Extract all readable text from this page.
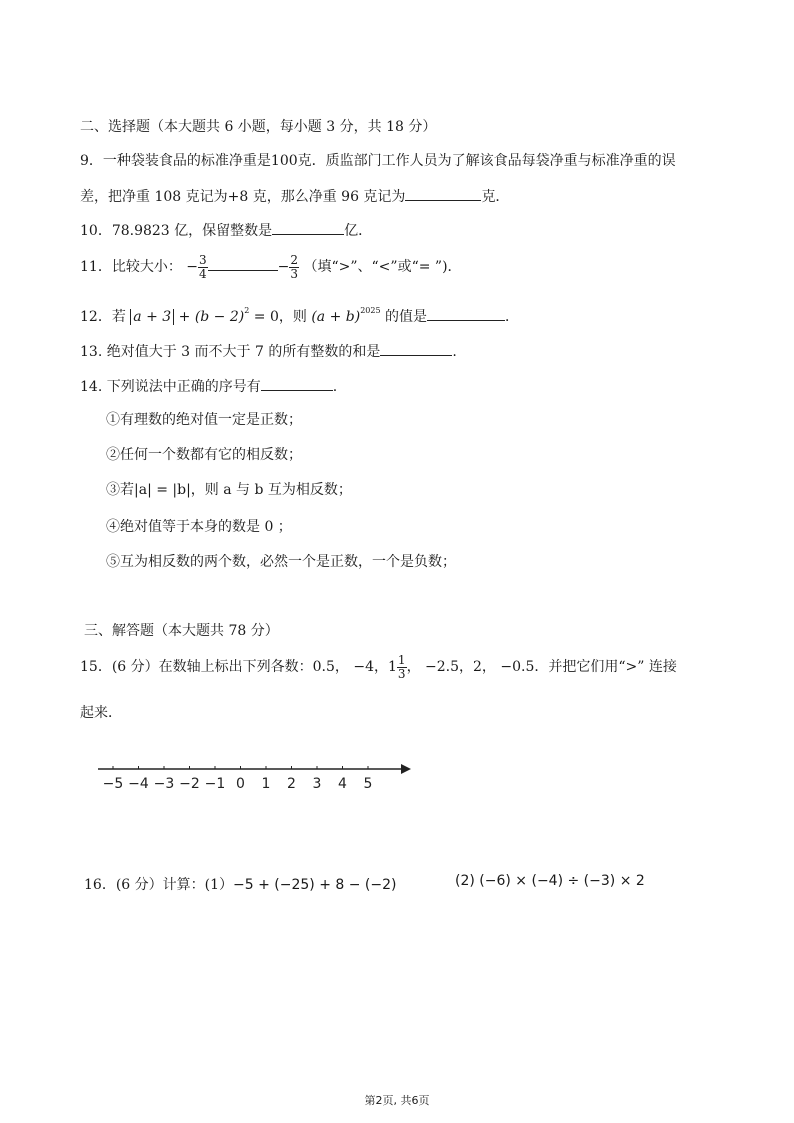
二、选择题（本大题共 6 小题，每小题 3 分，共 18 分）
9．一种袋装食品的标准净重是100克．质监部门工作人员为了解该食品每袋净重与标准净重的误
差，把净重 108 克记为+8 克，那么净重 96 克记为	克．
10．78.9823 亿，保留整数是	亿．
11．比较大小： − $\frac{3}{4}$	− $\frac{2}{3}$ （填“>”、“<”或“= ”)．
12．若 $a + 3 + (b - 2)^2 = 0$，则 $(a + b)^{2025}$ 的值是	．
13. 绝对值大于 3 而不大于 7 的所有整数的和是	.
14. 下列说法中正确的序号有	.
①有理数的绝对值一定是正数；
②任何一个数都有它的相反数；
③若|a| = |b|，则 a 与 b 互为相反数；
④绝对值等于本身的数是 0 ；
⑤互为相反数的两个数，必然一个是正数，一个是负数；
三、解答题（本大题共 78 分）
15．(6 分）在数轴上标出下列各数：0.5， −4，$1 \frac{1}{3}$ ， −2.5，2， −0.5．并把它们用“>” 连接
起来．
−5 −4 −3 −2 −1 0 1 2 3 4 5
16．(6 分）计算：(1）−5 + (−25) + 8 − (−2)	(2) (−6) × (−4) ÷ (−3) × 2
第2页, 共6页
